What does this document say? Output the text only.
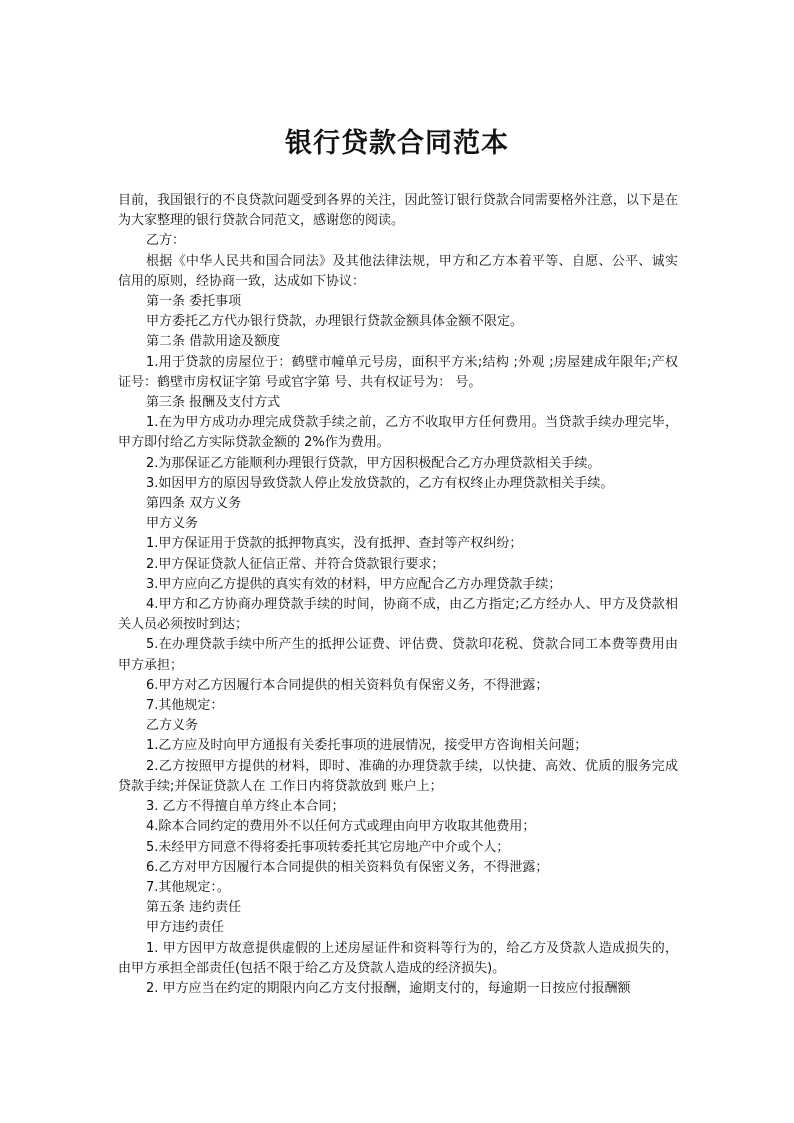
银行贷款合同范本

目前，我国银行的不良贷款问题受到各界的关注，因此签订银行贷款合同需要格外注意，以下是在为大家整理的银行贷款合同范文，感谢您的阅读。

乙方：

根据《中华人民共和国合同法》及其他法律法规，甲方和乙方本着平等、自愿、公平、诚实信用的原则，经协商一致，达成如下协议：

第一条 委托事项

甲方委托乙方代办银行贷款，办理银行贷款金额具体金额不限定。

第二条 借款用途及额度

1.用于贷款的房屋位于：鹤壁市幢单元号房，面积平方米;结构 ;外观 ;房屋建成年限年;产权证号：鹤壁市房权证字第 号或官字第 号、共有权证号为： 号。

第三条 报酬及支付方式

1.在为甲方成功办理完成贷款手续之前，乙方不收取甲方任何费用。当贷款手续办理完毕，甲方即付给乙方实际贷款金额的 2%作为费用。

2.为那保证乙方能顺利办理银行贷款，甲方因积极配合乙方办理贷款相关手续。

3.如因甲方的原因导致贷款人停止发放贷款的，乙方有权终止办理贷款相关手续。

第四条 双方义务

甲方义务

1.甲方保证用于贷款的抵押物真实，没有抵押、查封等产权纠纷；

2.甲方保证贷款人征信正常、并符合贷款银行要求；

3.甲方应向乙方提供的真实有效的材料，甲方应配合乙方办理贷款手续；

4.甲方和乙方协商办理贷款手续的时间，协商不成，由乙方指定;乙方经办人、甲方及贷款相关人员必须按时到达；

5.在办理贷款手续中所产生的抵押公证费、评估费、贷款印花税、贷款合同工本费等费用由甲方承担；

6.甲方对乙方因履行本合同提供的相关资料负有保密义务，不得泄露；

7.其他规定：

乙方义务

1.乙方应及时向甲方通报有关委托事项的进展情况，接受甲方咨询相关问题；

2.乙方按照甲方提供的材料，即时、准确的办理贷款手续，以快捷、高效、优质的服务完成贷款手续;并保证贷款人在 工作日内将贷款放到 账户上；

3. 乙方不得擅自单方终止本合同；

4.除本合同约定的费用外不以任何方式或理由向甲方收取其他费用；

5.未经甲方同意不得将委托事项转委托其它房地产中介或个人；

6.乙方对甲方因履行本合同提供的相关资料负有保密义务，不得泄露；

7.其他规定：。

第五条 违约责任

甲方违约责任

1. 甲方因甲方故意提供虚假的上述房屋证件和资料等行为的，给乙方及贷款人造成损失的，由甲方承担全部责任(包括不限于给乙方及贷款人造成的经济损失)。

2. 甲方应当在约定的期限内向乙方支付报酬，逾期支付的，每逾期一日按应付报酬额
